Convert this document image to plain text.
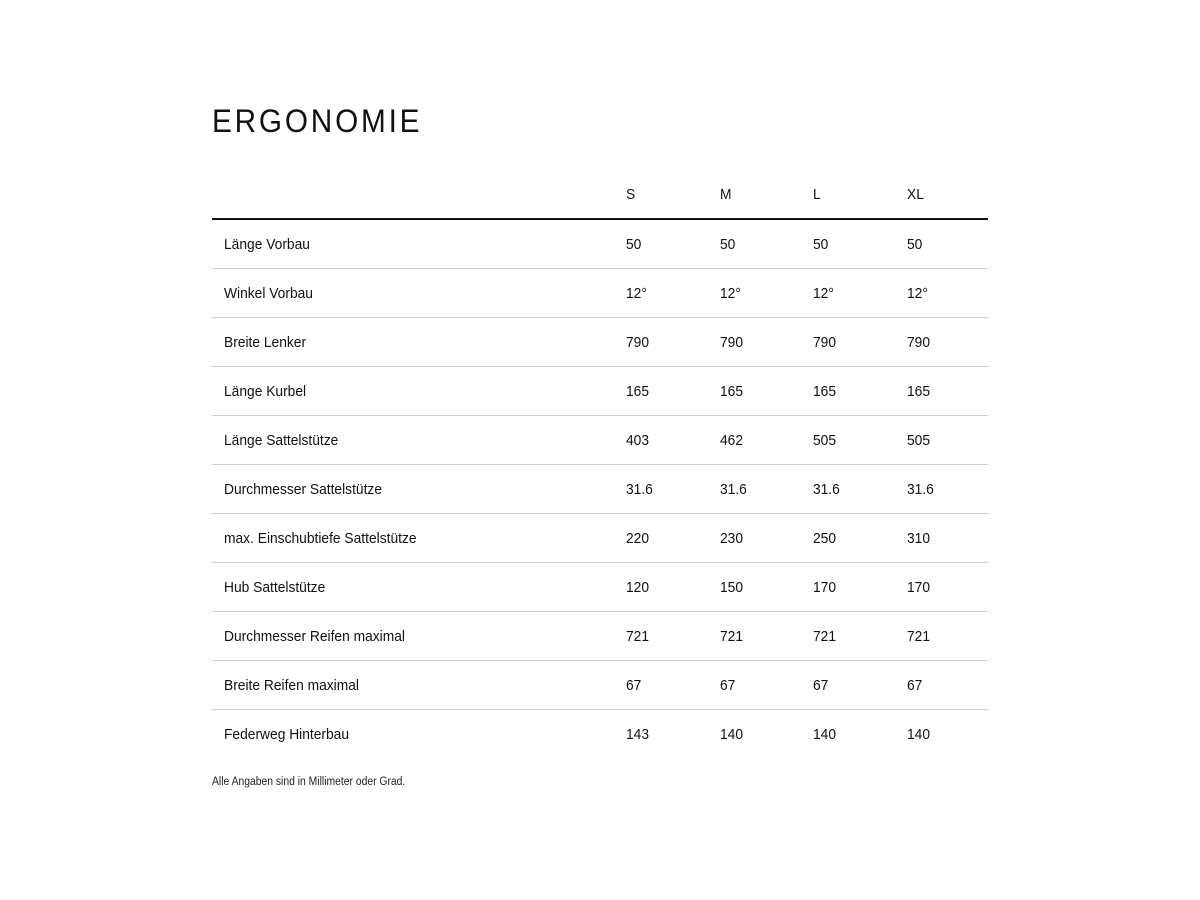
ERGONOMIE
	S	M	L	XL
Länge Vorbau	50	50	50	50
Winkel Vorbau	12°	12°	12°	12°
Breite Lenker	790	790	790	790
Länge Kurbel	165	165	165	165
Länge Sattelstütze	403	462	505	505
Durchmesser Sattelstütze	31.6	31.6	31.6	31.6
max. Einschubtiefe Sattelstütze	220	230	250	310
Hub Sattelstütze	120	150	170	170
Durchmesser Reifen maximal	721	721	721	721
Breite Reifen maximal	67	67	67	67
Federweg Hinterbau	143	140	140	140
Alle Angaben sind in Millimeter oder Grad.
